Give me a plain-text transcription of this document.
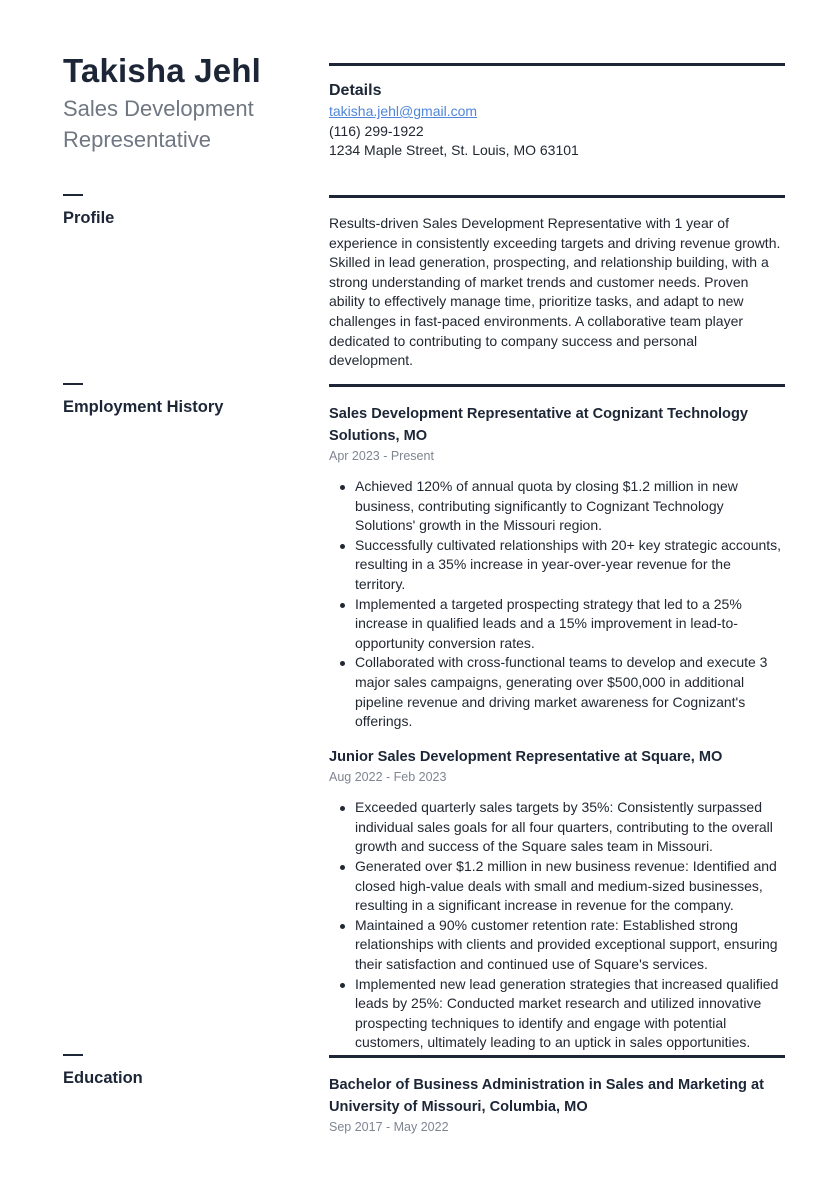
Takisha Jehl
Sales Development Representative
Details
takisha.jehl@gmail.com
(116) 299-1922
1234 Maple Street, St. Louis, MO 63101
Profile	Results-driven Sales Development Representative with 1 year of experience in consistently exceeding targets and driving revenue growth. Skilled in lead generation, prospecting, and relationship building, with a strong understanding of market trends and customer needs. Proven ability to effectively manage time, prioritize tasks, and adapt to new challenges in fast-paced environments. A collaborative team player dedicated to contributing to company success and personal development.
Employment History	Sales Development Representative at Cognizant Technology Solutions, MO
Apr 2023 - Present
Achieved 120% of annual quota by closing $1.2 million in new business, contributing significantly to Cognizant Technology Solutions' growth in the Missouri region.
Successfully cultivated relationships with 20+ key strategic accounts, resulting in a 35% increase in year-over-year revenue for the territory.
Implemented a targeted prospecting strategy that led to a 25% increase in qualified leads and a 15% improvement in lead-to-opportunity conversion rates.
Collaborated with cross-functional teams to develop and execute 3 major sales campaigns, generating over $500,000 in additional pipeline revenue and driving market awareness for Cognizant's offerings.
Junior Sales Development Representative at Square, MO
Aug 2022 - Feb 2023
Exceeded quarterly sales targets by 35%: Consistently surpassed individual sales goals for all four quarters, contributing to the overall growth and success of the Square sales team in Missouri.
Generated over $1.2 million in new business revenue: Identified and closed high-value deals with small and medium-sized businesses, resulting in a significant increase in revenue for the company.
Maintained a 90% customer retention rate: Established strong relationships with clients and provided exceptional support, ensuring their satisfaction and continued use of Square's services.
Implemented new lead generation strategies that increased qualified leads by 25%: Conducted market research and utilized innovative prospecting techniques to identify and engage with potential customers, ultimately leading to an uptick in sales opportunities.
Education	Bachelor of Business Administration in Sales and Marketing at University of Missouri, Columbia, MO
Sep 2017 - May 2022
